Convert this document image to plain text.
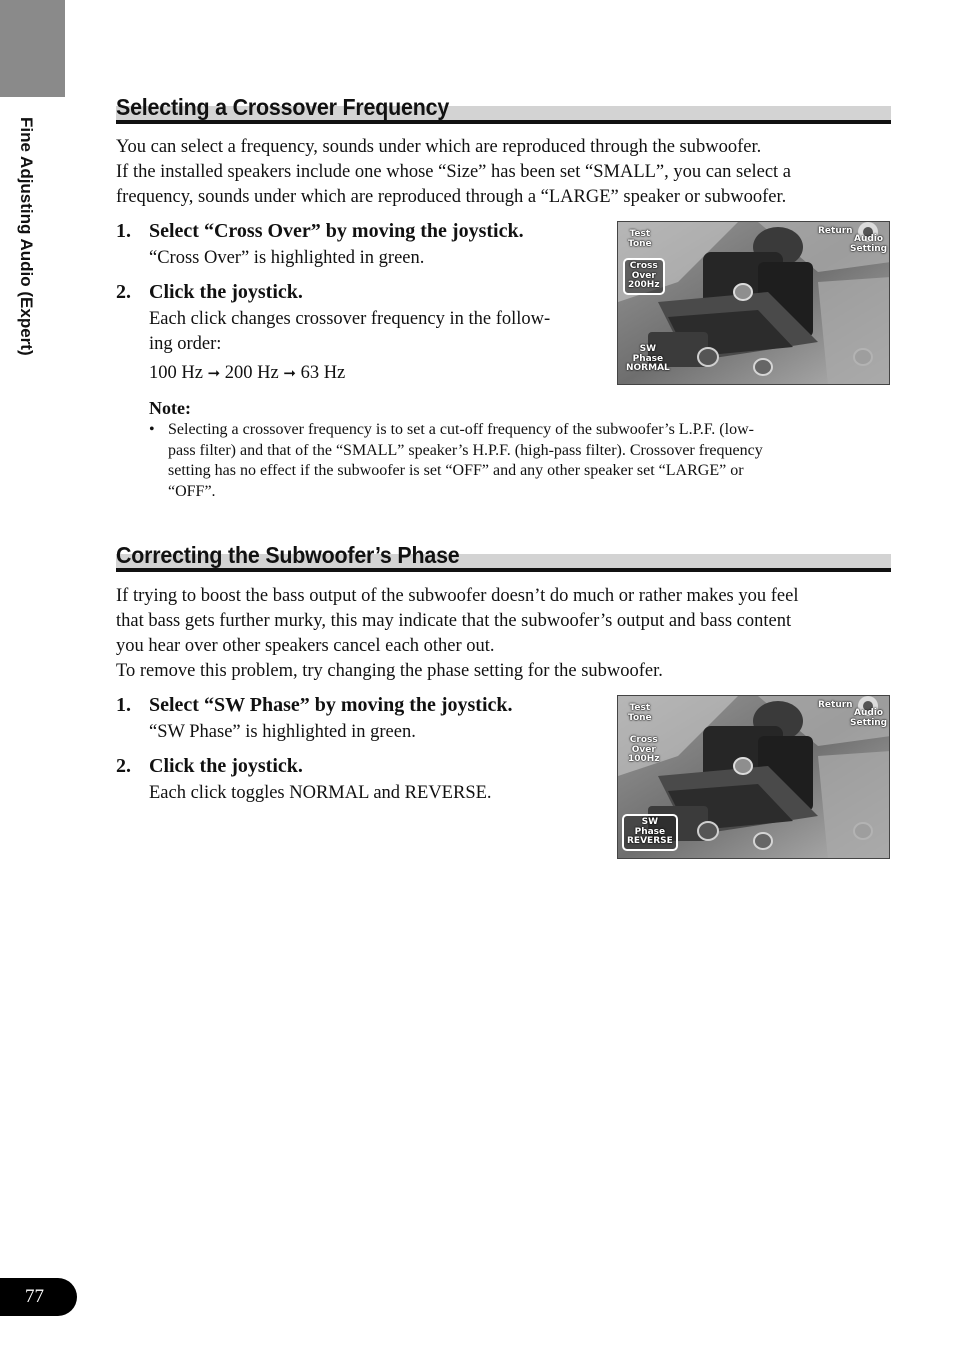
Fine Adjusting Audio (Expert)
Selecting a Crossover Frequency
You can select a frequency, sounds under which are reproduced through the subwoofer.
If the installed speakers include one whose “Size” has been set “SMALL”, you can select a
frequency, sounds under which are reproduced through a “LARGE” speaker or subwoofer.

1. Select “Cross Over” by moving the joystick.

“Cross Over” is highlighted in green.

2. Click the joystick.

Each click changes crossover frequency in the follow-
ing order:

100 Hz ➞ 200 Hz ➞ 63 Hz

Note:

• Selecting a crossover frequency is to set a cut-off frequency of the subwoofer’s L.P.F. (low-
pass filter) and that of the “SMALL” speaker’s H.P.F. (high-pass filter). Crossover frequency
setting has no effect if the subwoofer is set “OFF” and any other speaker set “LARGE” or
“OFF”.
Test
Tone
Cross
Over
200Hz
SW
Phase
NORMAL
Return
Audio
Setting
Correcting the Subwoofer’s Phase
If trying to boost the bass output of the subwoofer doesn’t do much or rather makes you feel
that bass gets further murky, this may indicate that the subwoofer’s output and bass content
you hear over other speakers cancel each other out.
To remove this problem, try changing the phase setting for the subwoofer.

1. Select “SW Phase” by moving the joystick.

“SW Phase” is highlighted in green.

2. Click the joystick.

Each click toggles NORMAL and REVERSE.

Test
Tone
Cross
Over
100Hz
SW
Phase
REVERSE
Return
Audio
Setting
77
